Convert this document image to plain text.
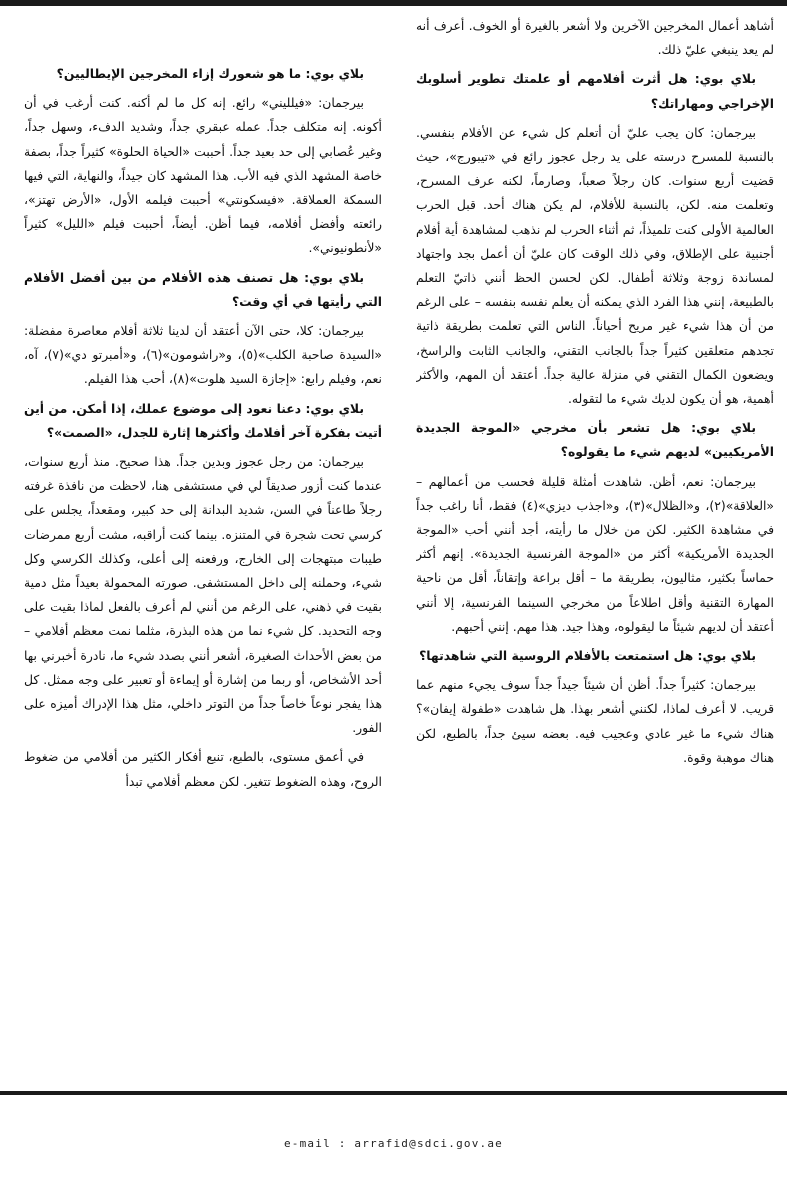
أشاهد أعمال المخرجين الآخرين ولا أشعر بالغيرة أو الخوف. أعرف أنه لم يعد ينبغي عليّ ذلك.

بلاي بوي: هل أثرت أفلامهم أو علمتك تطوير أسلوبك الإخراجي ومهاراتك؟

بيرجمان: كان يجب عليّ أن أتعلم كل شيء عن الأفلام بنفسي. بالنسبة للمسرح درسته على يد رجل عجوز رائع في «تيبورج»، حيث قضيت أربع سنوات. كان رجلاً صعباً، وصارماً، لكنه عرف المسرح، وتعلمت منه. لكن، بالنسبة للأفلام، لم يكن هناك أحد. قبل الحرب العالمية الأولى كنت تلميذاً، ثم أثناء الحرب لم نذهب لمشاهدة أية أفلام أجنبية على الإطلاق، وفي ذلك الوقت كان عليّ أن أعمل بجد واجتهاد لمساندة زوجة وثلاثة أطفال. لكن لحسن الحظ أنني ذاتيّ التعلم بالطبيعة، إنني هذا الفرد الذي يمكنه أن يعلم نفسه بنفسه – على الرغم من أن هذا شيء غير مريح أحياناً. الناس التي تعلمت بطريقة ذاتية تجدهم متعلقين كثيراً جداً بالجانب التقني، والجانب الثابت والراسخ، ويضعون الكمال التقني في منزلة عالية جداً. أعتقد أن المهم، والأكثر أهمية، هو أن يكون لديك شيء ما لتقوله.

بلاي بوي: هل تشعر بأن مخرجي «الموجة الجديدة الأمريكيين» لديهم شيء ما يقولوه؟

بيرجمان: نعم، أظن. شاهدت أمثلة قليلة فحسب من أعمالهم – «العلاقة»(٢)، و«الظلال»(٣)، و«اجذب ديزي»(٤) فقط، أنا راغب جداً في مشاهدة الكثير. لكن من خلال ما رأيته، أجد أنني أحب «الموجة الجديدة الأمريكية» أكثر من «الموجة الفرنسية الجديدة». إنهم أكثر حماساً بكثير، مثاليون، بطريقة ما – أقل براعة وإتقاناً، أقل من ناحية المهارة التقنية وأقل اطلاعاً من مخرجي السينما الفرنسية، إلا أنني أعتقد أن لديهم شيئاً ما ليقولوه، وهذا جيد. هذا مهم. إنني أحبهم.

بلاي بوي: هل استمتعت بالأفلام الروسية التي شاهدتها؟

بيرجمان: كثيراً جداً. أظن أن شيئاً جيداً جداً سوف يجيء منهم عما قريب. لا أعرف لماذا، لكنني أشعر بهذا. هل شاهدت «طفولة إيفان»؟ هناك شيء ما غير عادي وعجيب فيه. بعضه سيئ جداً، بالطبع، لكن هناك موهبة وقوة.

بلاي بوي: ما هو شعورك إزاء المخرجين الإيطاليين؟

بيرجمان: «فيلليني» رائع. إنه كل ما لم أكنه. كنت أرغب في أن أكونه. إنه متكلف جداً. عمله عبقري جداً، وشديد الدفء، وسهل جداً، وغير عُصابي إلى حد بعيد جداً. أحببت «الحياة الحلوة» كثيراً جداً، بصفة خاصة المشهد الذي فيه الأب. هذا المشهد كان جيداً، والنهاية، التي فيها السمكة العملاقة. «فيسكونتي» أحببت فيلمه الأول، «الأرض تهتز»، رائعته وأفضل أفلامه، فيما أظن. أيضاً، أحببت فيلم «الليل» كثيراً «لأنطونيوني».

بلاي بوي: هل تصنف هذه الأفلام من بين أفضل الأفلام التي رأيتها في أي وقت؟

بيرجمان: كلا، حتى الآن أعتقد أن لدينا ثلاثة أفلام معاصرة مفضلة: «السيدة صاحبة الكلب»(٥)، و«راشومون»(٦)، و«أمبرتو دي»(٧)، آه، نعم، وفيلم رابع: «إجازة السيد هلوت»(٨)، أحب هذا الفيلم.

بلاي بوي: دعنا نعود إلى موضوع عملك، إذا أمكن. من أين أتيت بفكرة آخر أفلامك وأكثرها إثارة للجدل، «الصمت»؟

بيرجمان: من رجل عجوز وبدين جداً. هذا صحيح. منذ أربع سنوات، عندما كنت أزور صديقاً لي في مستشفى هنا، لاحظت من نافذة غرفته رجلاً طاعناً في السن، شديد البدانة إلى حد كبير، ومقعداً، يجلس على كرسي تحت شجرة في المتنزه. بينما كنت أراقبه، مشت أربع ممرضات طيبات مبتهجات إلى الخارج، ورفعنه إلى أعلى، وكذلك الكرسي وكل شيء، وحملنه إلى داخل المستشفى. صورته المحمولة بعيداً مثل دمية بقيت في ذهني، على الرغم من أنني لم أعرف بالفعل لماذا بقيت على وجه التحديد. كل شيء نما من هذه البذرة، مثلما نمت معظم أفلامي – من بعض الأحداث الصغيرة، أشعر أنني بصدد شيء ما، نادرة أخبرني بها أحد الأشخاص، أو ربما من إشارة أو إيماءة أو تعبير على وجه ممثل. كل هذا يفجر نوعاً خاصاً جداً من التوتر داخلي، مثل هذا الإدراك أميزه على الفور.

في أعمق مستوى، بالطبع، تنبع أفكار الكثير من أفلامي من ضغوط الروح، وهذه الضغوط تتغير. لكن معظم أفلامي تبدأ

e-mail : arrafid@sdci.gov.ae
